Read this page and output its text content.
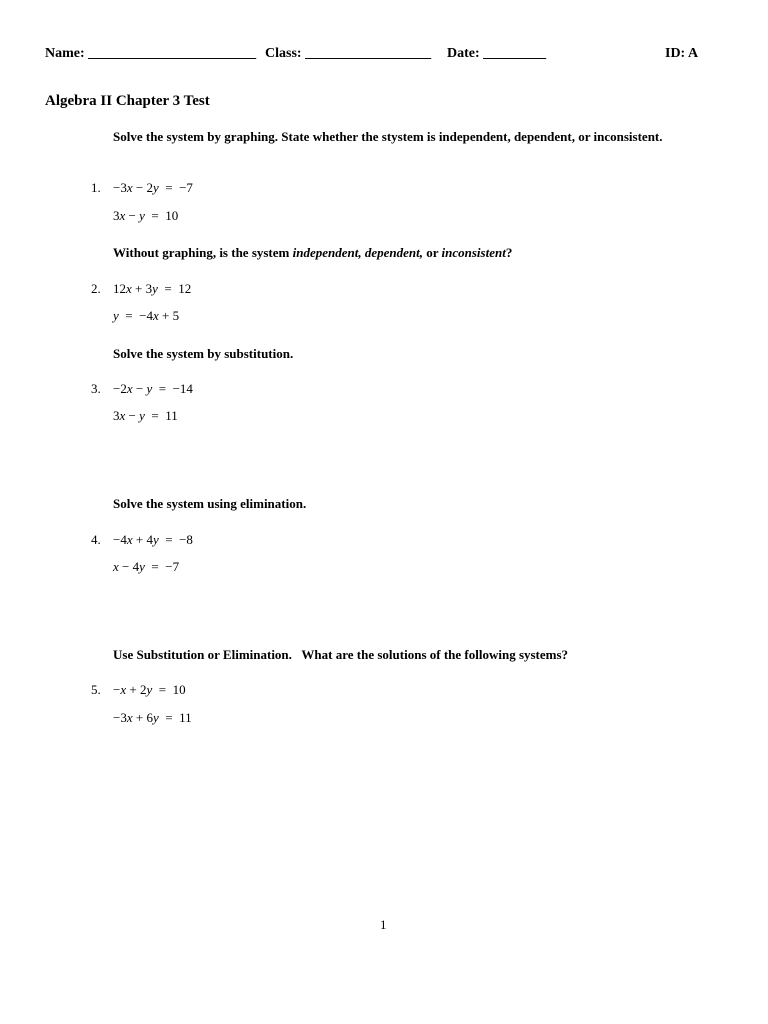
Name: ________________________ Class: __________________ Date: _________	ID: A
Algebra II Chapter 3 Test
Solve the system by graphing. State whether the stystem is independent, dependent, or inconsistent.
1. −3x − 2y  =  −7
3x − y  =  10
Without graphing, is the system independent, dependent, or inconsistent?
2. 12x + 3y  =  12
y  =  −4x + 5
Solve the system by substitution.
3. −2x − y  =  −14
3x − y  =  11
Solve the system using elimination.
4. −4x + 4y  =  −8
x − 4y  =  −7
Use Substitution or Elimination.   What are the solutions of the following systems?
5. −x + 2y  =  10
−3x + 6y  =  11
1
